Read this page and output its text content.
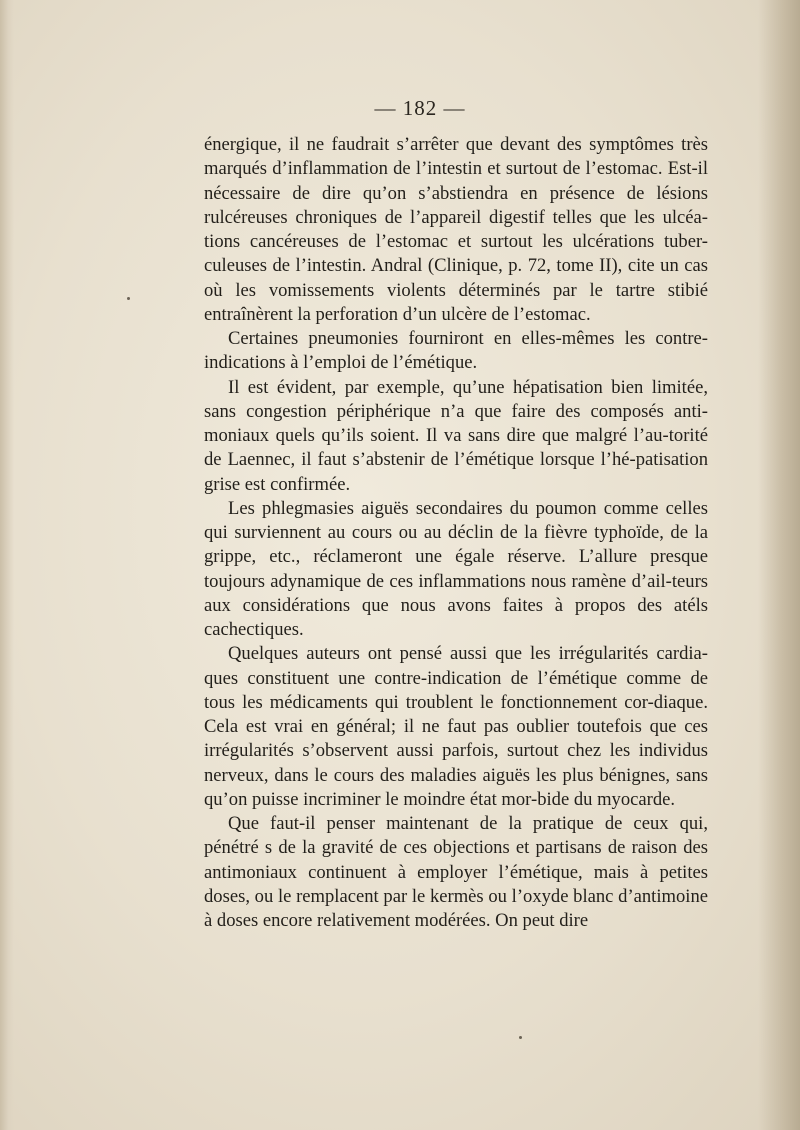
— 182 —

énergique, il ne faudrait s’arrêter que devant des symptômes très marqués d’inflammation de l’intestin et surtout de l’estomac. Est-il nécessaire de dire qu’on s’abstiendra en présence de lésions rulcéreuses chroniques de l’appareil digestif telles que les ulcéa-tions cancéreuses de l’estomac et surtout les ulcérations tuber-culeuses de l’intestin. Andral (Clinique, p. 72, tome II), cite un cas où les vomissements violents déterminés par le tartre stibié entraînèrent la perforation d’un ulcère de l’estomac.

Certaines pneumonies fourniront en elles-mêmes les contre-indications à l’emploi de l’émétique.

Il est évident, par exemple, qu’une hépatisation bien limitée, sans congestion périphérique n’a que faire des composés anti-moniaux quels qu’ils soient. Il va sans dire que malgré l’au-torité de Laennec, il faut s’abstenir de l’émétique lorsque l’hé-patisation grise est confirmée.

Les phlegmasies aiguës secondaires du poumon comme celles qui surviennent au cours ou au déclin de la fièvre typhoïde, de la grippe, etc., réclameront une égale réserve. L’allure presque toujours adynamique de ces inflammations nous ramène d’ail-teurs aux considérations que nous avons faites à propos des atéls cachectiques.

Quelques auteurs ont pensé aussi que les irrégularités cardia-ques constituent une contre-indication de l’émétique comme de tous les médicaments qui troublent le fonctionnement cor-diaque. Cela est vrai en général; il ne faut pas oublier toutefois que ces irrégularités s’observent aussi parfois, surtout chez les individus nerveux, dans le cours des maladies aiguës les plus bénignes, sans qu’on puisse incriminer le moindre état mor-bide du myocarde.

Que faut-il penser maintenant de la pratique de ceux qui, pénétré s de la gravité de ces objections et partisans de raison des antimoniaux continuent à employer l’émétique, mais à petites doses, ou le remplacent par le kermès ou l’oxyde blanc d’antimoine à doses encore relativement modérées. On peut dire
